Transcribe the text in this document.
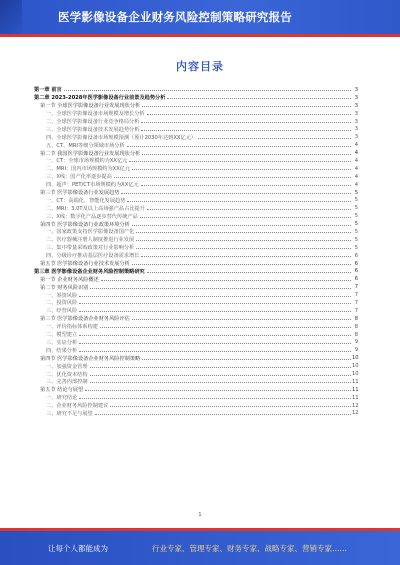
医学影像设备企业财务风险控制策略研究报告
内容目录
第一章 前言	3
第二章 2023-2028年医学影像设备行业前景及趋势分析	3
第一节 全球医学影像设备行业发展现状分析	3
一、全球医学影像设备市场规模及增长分析	3
二、全球医学影像设备行业竞争格局分析	3
三、全球医学影像设备技术发展趋势分析	3
四、全球医学影像设备市场规模预测（预计2030年达到XX亿元）	3
五、CT、MRI等细分领域市场分析	4
第二节 我国医学影像设备行业发展现状分析	4
一、CT：全球市场规模约为XX亿元	4
二、MRI：国内市场规模约为XX亿元	4
三、X线：国产化率逐步提高	4
四、超声：PET/CT市场规模约为XX亿元	4
第三节 医学影像设备行业发展趋势	5
一、CT：高端化、智能化发展趋势	5
二、MRI：3.0T及以上高场强产品占比提升	5
三、X线：数字化产品逐步替代传统产品	5
第四节 医学影像设备行业政策环境分析	5
一、国家政策支持医学影像设备国产化	5
二、医疗器械注册人制度推进行业发展	5
三、集中带量采购政策对行业影响分析	5
四、分级诊疗推动基层医疗设备需求增长	6
第五节 医学影像设备行业技术发展分析	6
第三章 医学影像设备企业财务风险控制策略研究	6
第一节 企业财务风险概述	6
第二节 财务风险识别	7
一、筹资风险	7
二、投资风险	7
三、经营风险	7
第三节 医学影像设备企业财务风险评估	8
一、评价指标体系构建	8
二、模型建立	8
三、实证分析	9
四、结果分析	9
第四节 医学影像设备企业财务风险控制策略	10
一、加强资金管理	10
二、优化资本结构	10
三、完善内部控制	11
第五节 结论与展望	11
一、研究结论	11
二、企业财务风险控制建议	12
三、研究不足与展望	12
1
让每个人都能成为	行业专家、管理专家、财务专家、战略专家、营销专家……
